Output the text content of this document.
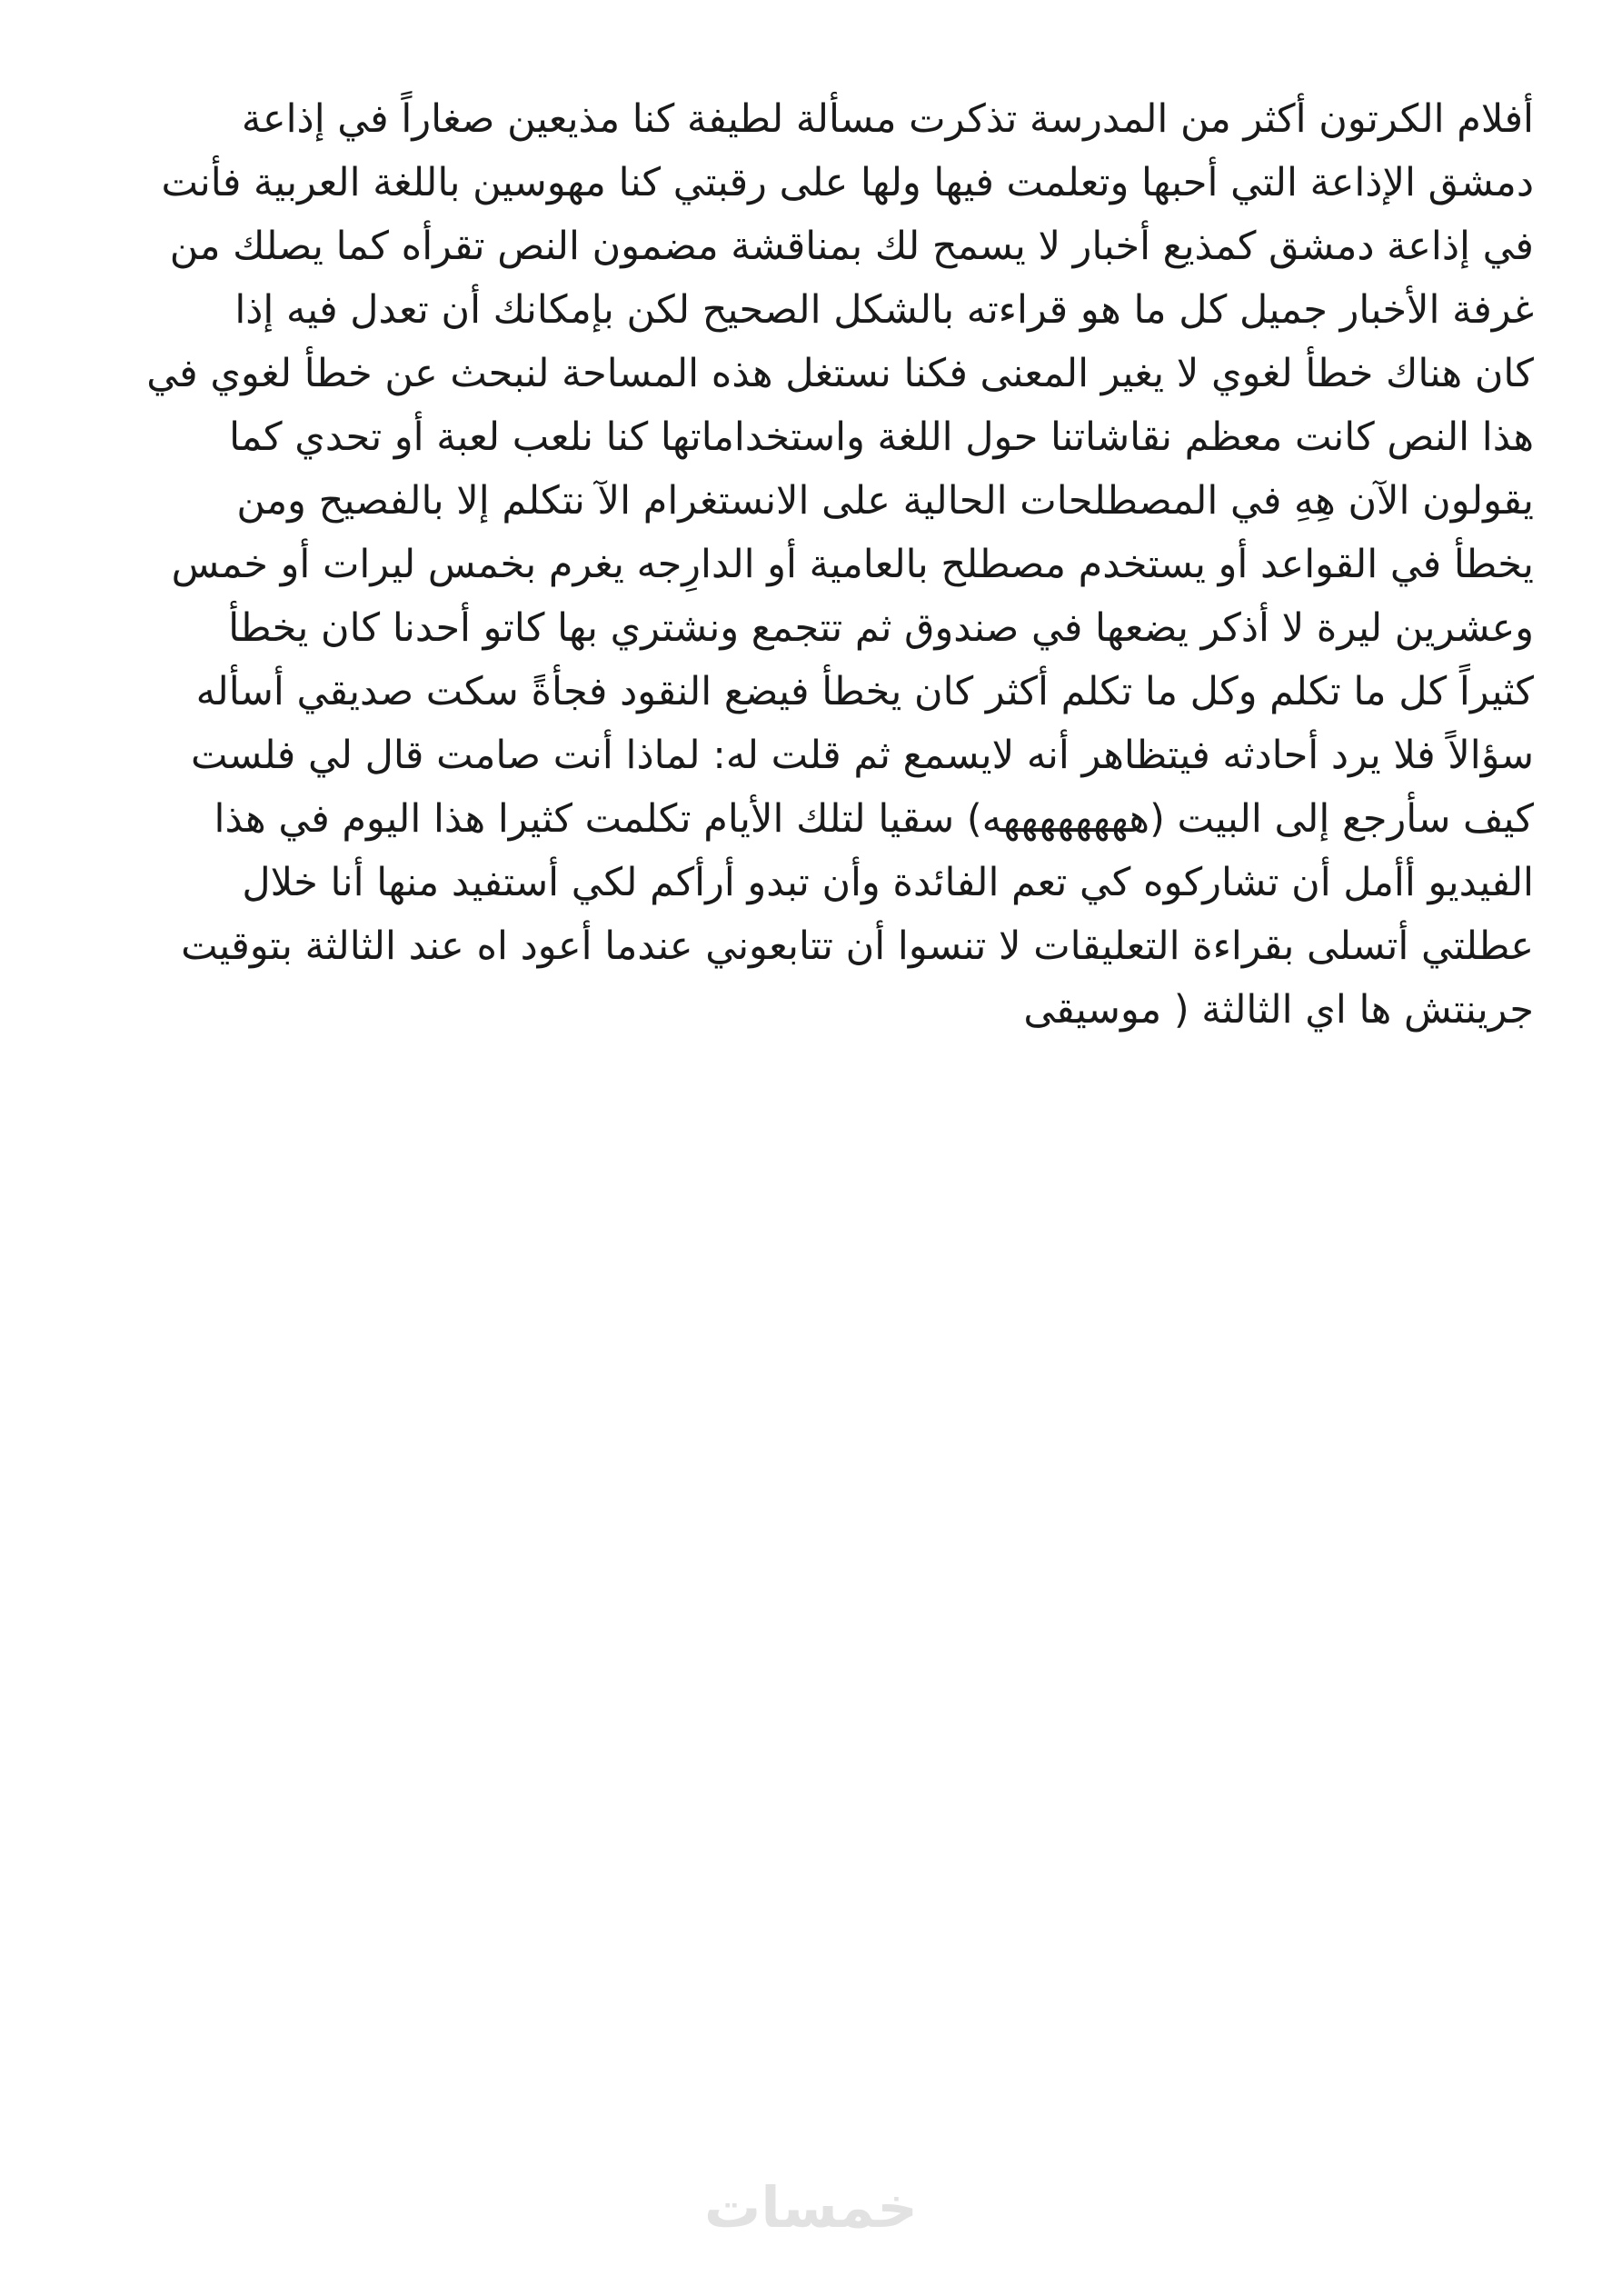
أفلام الكرتون أكثر من المدرسة تذكرت مسألة لطيفة كنا مذيعين صغاراً في إذاعة
دمشق الإذاعة التي أحبها وتعلمت فيها ولها على رقبتي كنا مهوسين باللغة العربية فأنت
في إذاعة دمشق كمذيع أخبار لا يسمح لك بمناقشة مضمون النص تقرأه كما يصلك من
غرفة الأخبار جميل كل ما هو قراءته بالشكل الصحيح لكن بإمكانك أن تعدل فيه إذا
كان هناك خطأ لغوي لا يغير المعنى فكنا نستغل هذه المساحة لنبحث عن خطأ لغوي في
هذا النص كانت معظم نقاشاتنا حول اللغة واستخداماتها كنا نلعب لعبة أو تحدي كما
يقولون الآن هِهِ في المصطلحات الحالية على الانستغرام الآ نتكلم إلا بالفصيح ومن
يخطأ في القواعد أو يستخدم مصطلح بالعامية أو الدارِجه يغرم بخمس ليرات أو خمس
وعشرين ليرة لا أذكر يضعها في صندوق ثم تتجمع ونشتري بها كاتو أحدنا كان يخطأ
كثيراً كل ما تكلم وكل ما تكلم أكثر كان يخطأ فيضع النقود فجأةً سكت صديقي أسأله
سؤالاً فلا يرد أحادثه فيتظاهر أنه لايسمع ثم قلت له: لماذا أنت صامت قال لي فلست
كيف سأرجع إلى البيت (ههههههههه) سقيا لتلك الأيام تكلمت كثيرا هذا اليوم في هذا
الفيديو أأمل أن تشاركوه كي تعم الفائدة وأن تبدو أرأكم لكي أستفيد منها أنا خلال
عطلتي أتسلى بقراءة التعليقات لا تنسوا أن تتابعوني عندما أعود اه عند الثالثة بتوقيت
جرينتش ها اي الثالثة ( موسيقى
خمسات
